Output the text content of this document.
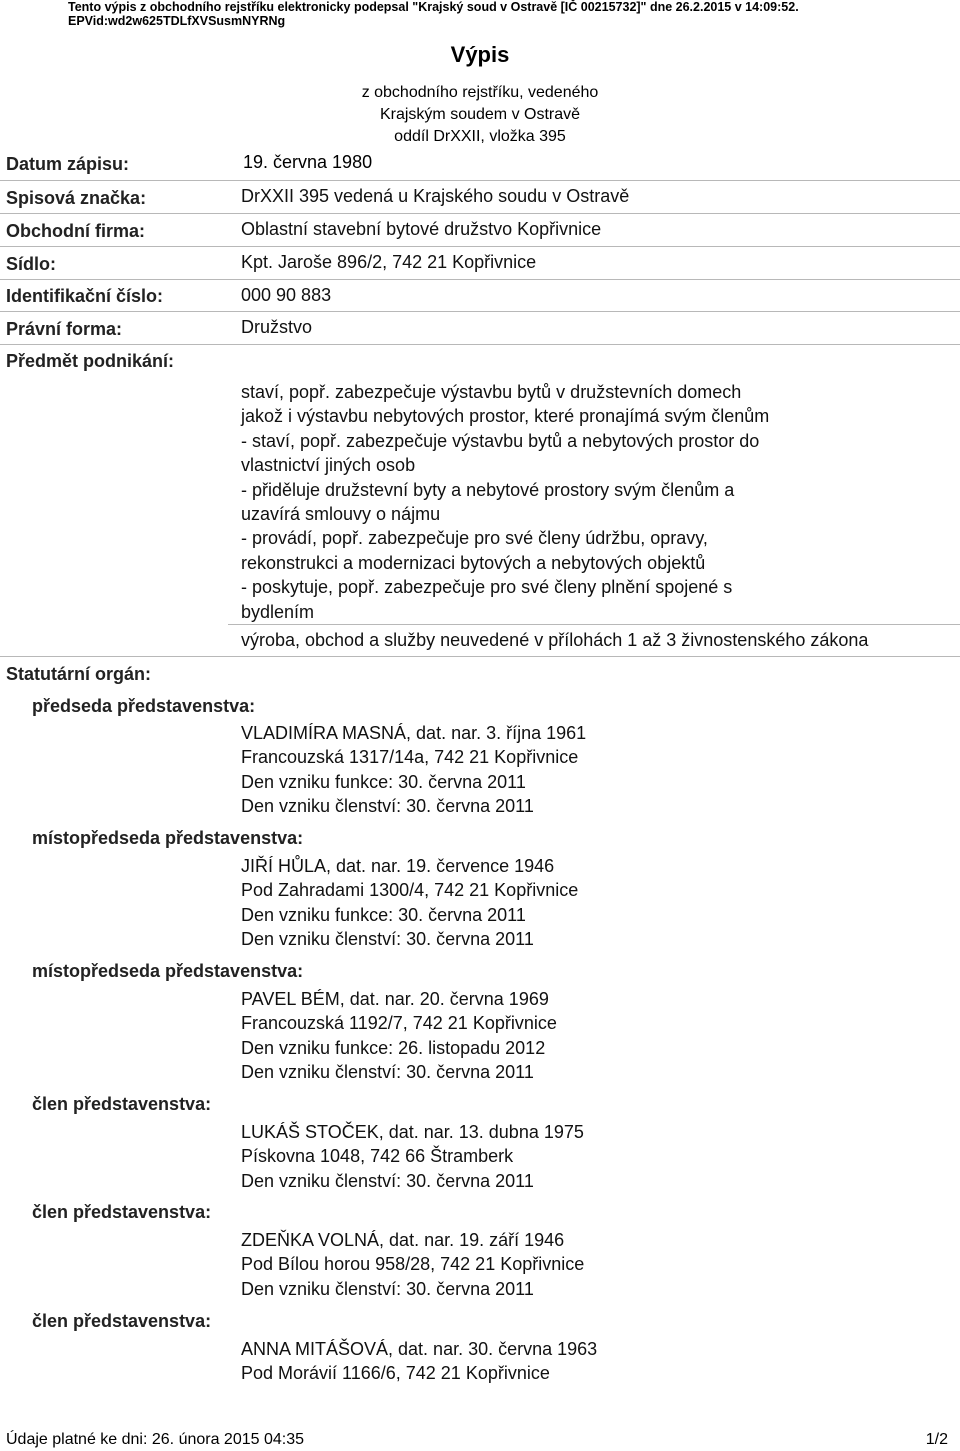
Tento výpis z obchodního rejstříku elektronicky podepsal "Krajský soud v Ostravě [IČ 00215732]" dne 26.2.2015 v 14:09:52.
EPVid:wd2w625TDLfXVSusmNYRNg
Výpis
z obchodního rejstříku, vedeného
Krajským soudem v Ostravě
oddíl DrXXII, vložka 395
Datum zápisu:	19. června 1980
Spisová značka:	DrXXII 395 vedená u Krajského soudu v Ostravě
Obchodní firma:	Oblastní stavební bytové družstvo Kopřivnice
Sídlo:	Kpt. Jaroše 896/2, 742 21 Kopřivnice
Identifikační číslo:	000 90 883
Právní forma:	Družstvo
Předmět podnikání:
staví, popř. zabezpečuje výstavbu bytů v družstevních domech
jakož i výstavbu nebytových prostor, které pronajímá svým členům
- staví, popř. zabezpečuje výstavbu bytů a nebytových prostor do
vlastnictví jiných osob
- přiděluje družstevní byty a nebytové prostory svým členům a
uzavírá smlouvy o nájmu
- provádí, popř. zabezpečuje pro své členy údržbu, opravy,
rekonstrukci a modernizaci bytových a nebytových objektů
- poskytuje, popř. zabezpečuje pro své členy plnění spojené s
bydlením
výroba, obchod a služby neuvedené v přílohách 1 až 3 živnostenského zákona
Statutární orgán:
předseda představenstva:
VLADIMÍRA MASNÁ, dat. nar. 3. října 1961
Francouzská 1317/14a, 742 21 Kopřivnice
Den vzniku funkce: 30. června 2011
Den vzniku členství: 30. června 2011
místopředseda představenstva:
JIŘÍ HŮLA, dat. nar. 19. července 1946
Pod Zahradami 1300/4, 742 21 Kopřivnice
Den vzniku funkce: 30. června 2011
Den vzniku členství: 30. června 2011
místopředseda představenstva:
PAVEL BÉM, dat. nar. 20. června 1969
Francouzská 1192/7, 742 21 Kopřivnice
Den vzniku funkce: 26. listopadu 2012
Den vzniku členství: 30. června 2011
člen představenstva:
LUKÁŠ STOČEK, dat. nar. 13. dubna 1975
Pískovna 1048, 742 66 Štramberk
Den vzniku členství: 30. června 2011
člen představenstva:
ZDEŇKA VOLNÁ, dat. nar. 19. září 1946
Pod Bílou horou 958/28, 742 21 Kopřivnice
Den vzniku členství: 30. června 2011
člen představenstva:
ANNA MITÁŠOVÁ, dat. nar. 30. června 1963
Pod Morávií 1166/6, 742 21 Kopřivnice
Údaje platné ke dni: 26. února 2015 04:35	1/2
